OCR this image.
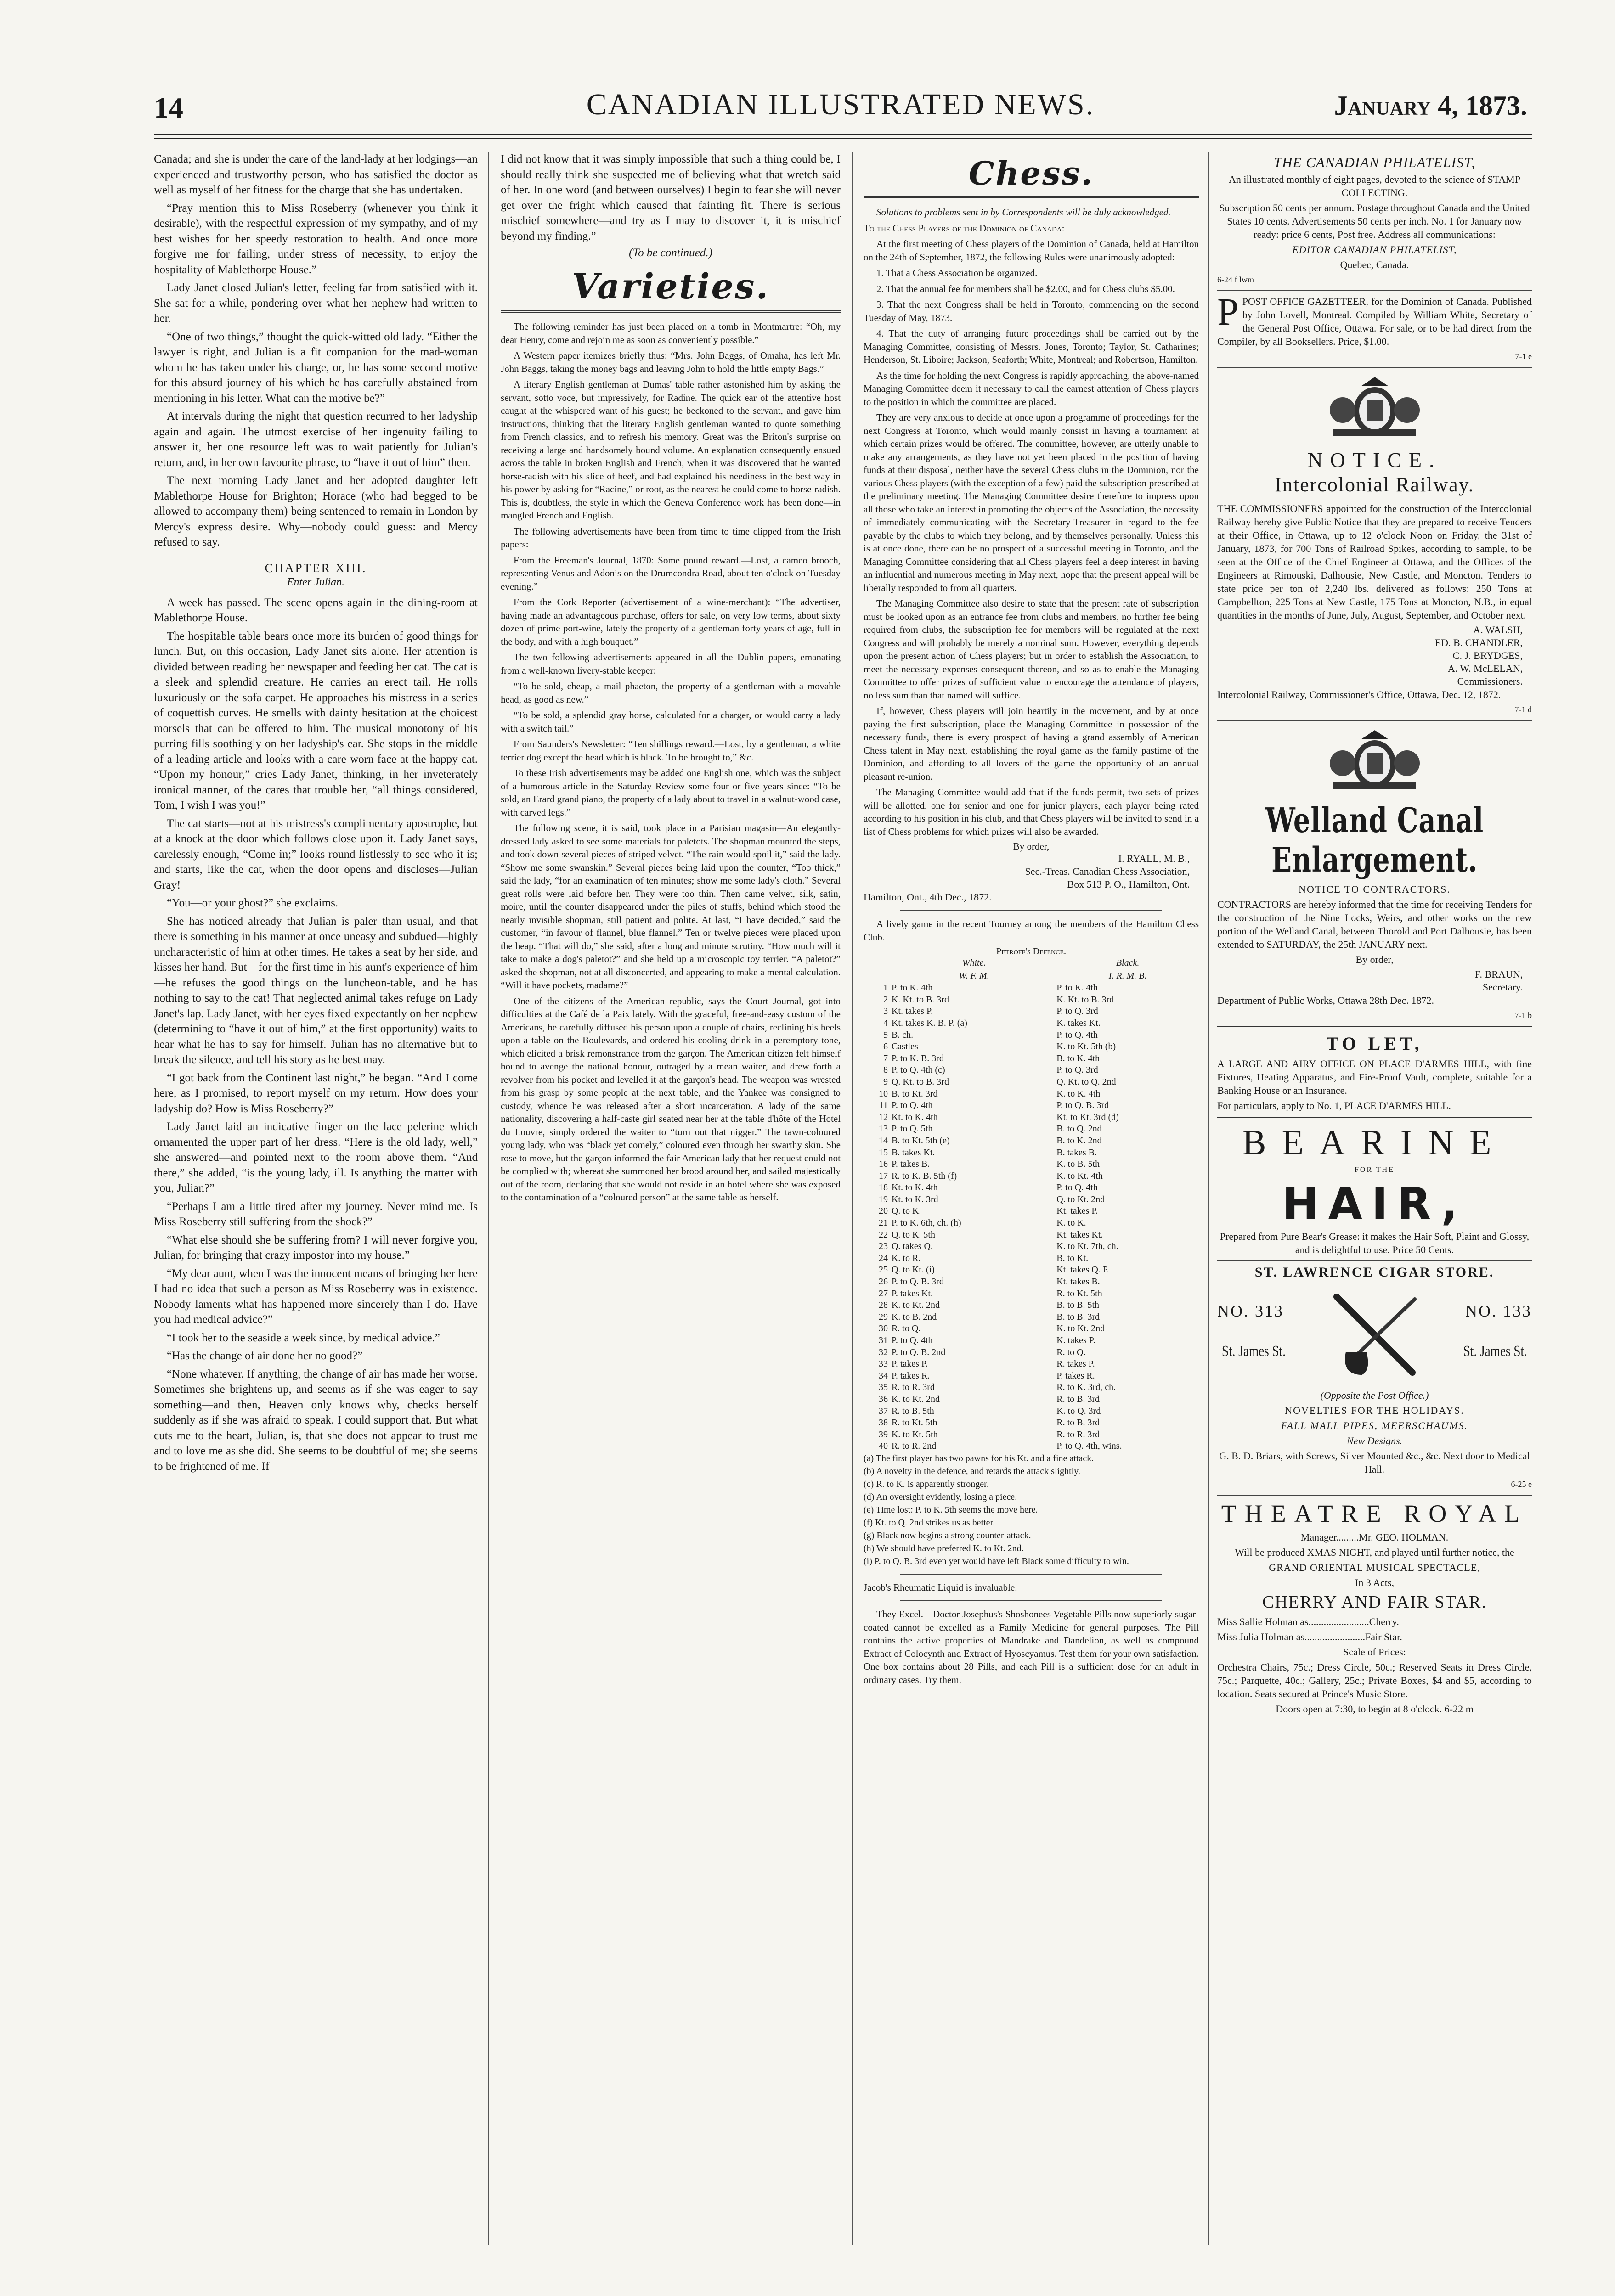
14	CANADIAN ILLUSTRATED NEWS.	January 4, 1873.

Canada; and she is under the care of the land-lady at her lodgings—an experienced and trustworthy person, who has satisfied the doctor as well as myself of her fitness for the charge that she has undertaken.

“Pray mention this to Miss Roseberry (whenever you think it desirable), with the respectful expression of my sympathy, and of my best wishes for her speedy restoration to health. And once more forgive me for failing, under stress of necessity, to enjoy the hospitality of Mablethorpe House.”

Lady Janet closed Julian's letter, feeling far from satisfied with it. She sat for a while, pondering over what her nephew had written to her.

“One of two things,” thought the quick-witted old lady. “Either the lawyer is right, and Julian is a fit companion for the mad-woman whom he has taken under his charge, or, he has some second motive for this absurd journey of his which he has carefully abstained from mentioning in his letter. What can the motive be?”

At intervals during the night that question recurred to her ladyship again and again. The utmost exercise of her ingenuity failing to answer it, her one resource left was to wait patiently for Julian's return, and, in her own favourite phrase, to “have it out of him” then.

The next morning Lady Janet and her adopted daughter left Mablethorpe House for Brighton; Horace (who had begged to be allowed to accompany them) being sentenced to remain in London by Mercy's express desire. Why—nobody could guess: and Mercy refused to say.

CHAPTER XIII.
Enter Julian.

A week has passed. The scene opens again in the dining-room at Mablethorpe House.

The hospitable table bears once more its burden of good things for lunch. But, on this occasion, Lady Janet sits alone. Her attention is divided between reading her newspaper and feeding her cat. The cat is a sleek and splendid creature. He carries an erect tail. He rolls luxuriously on the sofa carpet. He approaches his mistress in a series of coquettish curves. He smells with dainty hesitation at the choicest morsels that can be offered to him. The musical monotony of his purring fills soothingly on her ladyship's ear. She stops in the middle of a leading article and looks with a care-worn face at the happy cat. “Upon my honour,” cries Lady Janet, thinking, in her inveterately ironical manner, of the cares that trouble her, “all things considered, Tom, I wish I was you!”

The cat starts—not at his mistress's complimentary apostrophe, but at a knock at the door which follows close upon it. Lady Janet says, carelessly enough, “Come in;” looks round listlessly to see who it is; and starts, like the cat, when the door opens and discloses—Julian Gray!

“You—or your ghost?” she exclaims.

She has noticed already that Julian is paler than usual, and that there is something in his manner at once uneasy and subdued—highly uncharacteristic of him at other times. He takes a seat by her side, and kisses her hand. But—for the first time in his aunt's experience of him—he refuses the good things on the luncheon-table, and he has nothing to say to the cat! That neglected animal takes refuge on Lady Janet's lap. Lady Janet, with her eyes fixed expectantly on her nephew (determining to “have it out of him,” at the first opportunity) waits to hear what he has to say for himself. Julian has no alternative but to break the silence, and tell his story as he best may.

“I got back from the Continent last night,” he began. “And I come here, as I promised, to report myself on my return. How does your ladyship do? How is Miss Roseberry?”

Lady Janet laid an indicative finger on the lace pelerine which ornamented the upper part of her dress. “Here is the old lady, well,” she answered—and pointed next to the room above them. “And there,” she added, “is the young lady, ill. Is anything the matter with you, Julian?”

“Perhaps I am a little tired after my journey. Never mind me. Is Miss Roseberry still suffering from the shock?”

“What else should she be suffering from? I will never forgive you, Julian, for bringing that crazy impostor into my house.”

“My dear aunt, when I was the innocent means of bringing her here I had no idea that such a person as Miss Roseberry was in existence. Nobody laments what has happened more sincerely than I do. Have you had medical advice?”

“I took her to the seaside a week since, by medical advice.”

“Has the change of air done her no good?”

“None whatever. If anything, the change of air has made her worse. Sometimes she brightens up, and seems as if she was eager to say something—and then, Heaven only knows why, checks herself suddenly as if she was afraid to speak. I could support that. But what cuts me to the heart, Julian, is, that she does not appear to trust me and to love me as she did. She seems to be doubtful of me; she seems to be frightened of me. If

I did not know that it was simply impossible that such a thing could be, I should really think she suspected me of believing what that wretch said of her. In one word (and between ourselves) I begin to fear she will never get over the fright which caused that fainting fit. There is serious mischief somewhere—and try as I may to discover it, it is mischief beyond my finding.”

(To be continued.)
Varieties.

The following reminder has just been placed on a tomb in Montmartre: “Oh, my dear Henry, come and rejoin me as soon as conveniently possible.”

A Western paper itemizes briefly thus: “Mrs. John Baggs, of Omaha, has left Mr. John Baggs, taking the money bags and leaving John to hold the little empty Bags.”

A literary English gentleman at Dumas' table rather astonished him by asking the servant, sotto voce, but impressively, for Radine. The quick ear of the attentive host caught at the whispered want of his guest; he beckoned to the servant, and gave him instructions, thinking that the literary English gentleman wanted to quote something from French classics, and to refresh his memory. Great was the Briton's surprise on receiving a large and handsomely bound volume. An explanation consequently ensued across the table in broken English and French, when it was discovered that he wanted horse-radish with his slice of beef, and had explained his neediness in the best way in his power by asking for “Racine,” or root, as the nearest he could come to horse-radish. This is, doubtless, the style in which the Geneva Conference work has been done—in mangled French and English.

The following advertisements have been from time to time clipped from the Irish papers:

From the Freeman's Journal, 1870: Some pound reward.—Lost, a cameo brooch, representing Venus and Adonis on the Drumcondra Road, about ten o'clock on Tuesday evening.”

From the Cork Reporter (advertisement of a wine-merchant): “The advertiser, having made an advantageous purchase, offers for sale, on very low terms, about sixty dozen of prime port-wine, lately the property of a gentleman forty years of age, full in the body, and with a high bouquet.”

The two following advertisements appeared in all the Dublin papers, emanating from a well-known livery-stable keeper:

“To be sold, cheap, a mail phaeton, the property of a gentleman with a movable head, as good as new.”

“To be sold, a splendid gray horse, calculated for a charger, or would carry a lady with a switch tail.”

From Saunders's Newsletter: “Ten shillings reward.—Lost, by a gentleman, a white terrier dog except the head which is black. To be brought to,” &c.

To these Irish advertisements may be added one English one, which was the subject of a humorous article in the Saturday Review some four or five years since: “To be sold, an Erard grand piano, the property of a lady about to travel in a walnut-wood case, with carved legs.”

The following scene, it is said, took place in a Parisian magasin—An elegantly-dressed lady asked to see some materials for paletots. The shopman mounted the steps, and took down several pieces of striped velvet. “The rain would spoil it,” said the lady. “Show me some swanskin.” Several pieces being laid upon the counter, “Too thick,” said the lady, “for an examination of ten minutes; show me some lady's cloth.” Several great rolls were laid before her. They were too thin. Then came velvet, silk, satin, moire, until the counter disappeared under the piles of stuffs, behind which stood the nearly invisible shopman, still patient and polite. At last, “I have decided,” said the customer, “in favour of flannel, blue flannel.” Ten or twelve pieces were placed upon the heap. “That will do,” she said, after a long and minute scrutiny. “How much will it take to make a dog's paletot?” and she held up a microscopic toy terrier. “A paletot?” asked the shopman, not at all disconcerted, and appearing to make a mental calculation. “Will it have pockets, madame?”

One of the citizens of the American republic, says the Court Journal, got into difficulties at the Café de la Paix lately. With the graceful, free-and-easy custom of the Americans, he carefully diffused his person upon a couple of chairs, reclining his heels upon a table on the Boulevards, and ordered his cooling drink in a peremptory tone, which elicited a brisk remonstrance from the garçon. The American citizen felt himself bound to avenge the national honour, outraged by a mean waiter, and drew forth a revolver from his pocket and levelled it at the garçon's head. The weapon was wrested from his grasp by some people at the next table, and the Yankee was consigned to custody, whence he was released after a short incarceration. A lady of the same nationality, discovering a half-caste girl seated near her at the table d'hôte of the Hotel du Louvre, simply ordered the waiter to “turn out that nigger.” The tawn-coloured young lady, who was “black yet comely,” coloured even through her swarthy skin. She rose to move, but the garçon informed the fair American lady that her request could not be complied with; whereat she summoned her brood around her, and sailed majestically out of the room, declaring that she would not reside in an hotel where she was exposed to the contamination of a “coloured person” at the same table as herself.

Chess.

Solutions to problems sent in by Correspondents will be duly acknowledged.

To the Chess Players of the Dominion of Canada:

At the first meeting of Chess players of the Dominion of Canada, held at Hamilton on the 24th of September, 1872, the following Rules were unanimously adopted:

1. That a Chess Association be organized.

2. That the annual fee for members shall be $2.00, and for Chess clubs $5.00.

3. That the next Congress shall be held in Toronto, commencing on the second Tuesday of May, 1873.

4. That the duty of arranging future proceedings shall be carried out by the Managing Committee, consisting of Messrs. Jones, Toronto; Taylor, St. Catharines; Henderson, St. Liboire; Jackson, Seaforth; White, Montreal; and Robertson, Hamilton.

As the time for holding the next Congress is rapidly approaching, the above-named Managing Committee deem it necessary to call the earnest attention of Chess players to the position in which the committee are placed.

They are very anxious to decide at once upon a programme of proceedings for the next Congress at Toronto, which would mainly consist in having a tournament at which certain prizes would be offered. The committee, however, are utterly unable to make any arrangements, as they have not yet been placed in the position of having funds at their disposal, neither have the several Chess clubs in the Dominion, nor the various Chess players (with the exception of a few) paid the subscription prescribed at the preliminary meeting. The Managing Committee desire therefore to impress upon all those who take an interest in promoting the objects of the Association, the necessity of immediately communicating with the Secretary-Treasurer in regard to the fee payable by the clubs to which they belong, and by themselves personally. Unless this is at once done, there can be no prospect of a successful meeting in Toronto, and the Managing Committee considering that all Chess players feel a deep interest in having an influential and numerous meeting in May next, hope that the present appeal will be liberally responded to from all quarters.

The Managing Committee also desire to state that the present rate of subscription must be looked upon as an entrance fee from clubs and members, no further fee being required from clubs, the subscription fee for members will be regulated at the next Congress and will probably be merely a nominal sum. However, everything depends upon the present action of Chess players; but in order to establish the Association, to meet the necessary expenses consequent thereon, and so as to enable the Managing Committee to offer prizes of sufficient value to encourage the attendance of players, no less sum than that named will suffice.

If, however, Chess players will join heartily in the movement, and by at once paying the first subscription, place the Managing Committee in possession of the necessary funds, there is every prospect of having a grand assembly of American Chess talent in May next, establishing the royal game as the family pastime of the Dominion, and affording to all lovers of the game the opportunity of an annual pleasant re-union.

The Managing Committee would add that if the funds permit, two sets of prizes will be allotted, one for senior and one for junior players, each player being rated according to his position in his club, and that Chess players will be invited to send in a list of Chess problems for which prizes will also be awarded.

By order,
I. RYALL, M. B.,
Sec.-Treas. Canadian Chess Association,
Box 513 P. O., Hamilton, Ont.
Hamilton, Ont., 4th Dec., 1872.

A lively game in the recent Tourney among the members of the Hamilton Chess Club.

Petroff's Defence.
	White.	Black.
	W. F. M.	I. R. M. B.
1	P. to K. 4th	P. to K. 4th
2	K. Kt. to B. 3rd	K. Kt. to B. 3rd
3	Kt. takes P.	P. to Q. 3rd
4	Kt. takes K. B. P. (a)	K. takes Kt.
5	B. ch.	P. to Q. 4th
6	Castles	K. to Kt. 5th (b)
7	P. to K. B. 3rd	B. to K. 4th
8	P. to Q. 4th (c)	P. to Q. 3rd
9	Q. Kt. to B. 3rd	Q. Kt. to Q. 2nd
10	B. to Kt. 3rd	K. to K. 4th
11	P. to Q. 4th	P. to Q. B. 3rd
12	Kt. to K. 4th	Kt. to Kt. 3rd (d)
13	P. to Q. 5th	B. to Q. 2nd
14	B. to Kt. 5th (e)	B. to K. 2nd
15	B. takes Kt.	B. takes B.
16	P. takes B.	K. to B. 5th
17	R. to K. B. 5th (f)	K. to Kt. 4th
18	Kt. to K. 4th	P. to Q. 4th
19	Kt. to K. 3rd	Q. to Kt. 2nd
20	Q. to K.	Kt. takes P.
21	P. to K. 6th, ch. (h)	K. to K.
22	Q. to K. 5th	Kt. takes Kt.
23	Q. takes Q.	K. to Kt. 7th, ch.
24	K. to R.	B. to Kt.
25	Q. to Kt. (i)	Kt. takes Q. P.
26	P. to Q. B. 3rd	Kt. takes B.
27	P. takes Kt.	R. to Kt. 5th
28	K. to Kt. 2nd	B. to B. 5th
29	K. to B. 2nd	B. to B. 3rd
30	R. to Q.	K. to Kt. 2nd
31	P. to Q. 4th	K. takes P.
32	P. to Q. B. 2nd	R. to Q.
33	P. takes P.	R. takes P.
34	P. takes R.	P. takes R.
35	R. to R. 3rd	R. to K. 3rd, ch.
36	K. to Kt. 2nd	R. to B. 3rd
37	R. to B. 5th	K. to Q. 3rd
38	R. to Kt. 5th	R. to B. 3rd
39	K. to Kt. 5th	R. to R. 3rd
40	R. to R. 2nd	P. to Q. 4th, wins.

(a) The first player has two pawns for his Kt. and a fine attack.

(b) A novelty in the defence, and retards the attack slightly.

(c) R. to K. is apparently stronger.

(d) An oversight evidently, losing a piece.

(e) Time lost: P. to K. 5th seems the move here.

(f) Kt. to Q. 2nd strikes us as better.

(g) Black now begins a strong counter-attack.

(h) We should have preferred K. to Kt. 2nd.

(i) P. to Q. B. 3rd even yet would have left Black some difficulty to win.

Jacob's Rheumatic Liquid is invaluable.

They Excel.—Doctor Josephus's Shoshonees Vegetable Pills now superiorly sugar-coated cannot be excelled as a Family Medicine for general purposes. The Pill contains the active properties of Mandrake and Dandelion, as well as compound Extract of Colocynth and Extract of Hyoscyamus. Test them for your own satisfaction. One box contains about 28 Pills, and each Pill is a sufficient dose for an adult in ordinary cases. Try them.

THE CANADIAN PHILATELIST,
An illustrated monthly of eight pages, devoted to the science of STAMP COLLECTING.
Subscription 50 cents per annum. Postage throughout Canada and the United States 10 cents. Advertisements 50 cents per inch. No. 1 for January now ready: price 6 cents, Post free. Address all communications:
EDITOR CANADIAN PHILATELIST,
Quebec, Canada.
6-24 f lwm
PPOST OFFICE GAZETTEER, for the Dominion of Canada. Published by John Lovell, Montreal. Compiled by William White, Secretary of the General Post Office, Ottawa. For sale, or to be had direct from the Compiler, by all Booksellers. Price, $1.00.
7-1 e
NOTICE.
Intercolonial Railway.
THE COMMISSIONERS appointed for the construction of the Intercolonial Railway hereby give Public Notice that they are prepared to receive Tenders at their Office, in Ottawa, up to 12 o'clock Noon on Friday, the 31st of January, 1873, for 700 Tons of Railroad Spikes, according to sample, to be seen at the Office of the Chief Engineer at Ottawa, and the Offices of the Engineers at Rimouski, Dalhousie, New Castle, and Moncton. Tenders to state price per ton of 2,240 lbs. delivered as follows: 250 Tons at Campbellton, 225 Tons at New Castle, 175 Tons at Moncton, N.B., in equal quantities in the months of June, July, August, September, and October next.
A. WALSH,
ED. B. CHANDLER,
C. J. BRYDGES,
A. W. McLELAN,
Commissioners.
Intercolonial Railway, Commissioner's Office, Ottawa, Dec. 12, 1872.
7-1 d
Welland Canal Enlargement.
NOTICE TO CONTRACTORS.
CONTRACTORS are hereby informed that the time for receiving Tenders for the construction of the Nine Locks, Weirs, and other works on the new portion of the Welland Canal, between Thorold and Port Dalhousie, has been extended to SATURDAY, the 25th JANUARY next.
By order,
F. BRAUN,
Secretary.
Department of Public Works, Ottawa 28th Dec. 1872.
7-1 b
TO LET,
A LARGE AND AIRY OFFICE ON PLACE D'ARMES HILL, with fine Fixtures, Heating Apparatus, and Fire-Proof Vault, complete, suitable for a Banking House or an Insurance.
For particulars, apply to No. 1, PLACE D'ARMES HILL.
BEARINE
FOR THE
HAIR,
Prepared from Pure Bear's Grease: it makes the Hair Soft, Plaint and Glossy, and is delightful to use. Price 50 Cents.
ST. LAWRENCE CIGAR STORE.
NO. 313	NO. 133
St. James St.	St. James St.
(Opposite the Post Office.)
NOVELTIES FOR THE HOLIDAYS.
FALL MALL PIPES, MEERSCHAUMS.
New Designs.
G. B. D. Briars, with Screws, Silver Mounted &c., &c. Next door to Medical Hall.
6-25 e
THEATRE ROYAL
Manager.........Mr. GEO. HOLMAN.
Will be produced XMAS NIGHT, and played until further notice, the
GRAND ORIENTAL MUSICAL SPECTACLE,
In 3 Acts,
CHERRY AND FAIR STAR.
Miss Sallie Holman as........................Cherry.
Miss Julia Holman as........................Fair Star.
Scale of Prices:
Orchestra Chairs, 75c.; Dress Circle, 50c.; Reserved Seats in Dress Circle, 75c.; Parquette, 40c.; Gallery, 25c.; Private Boxes, $4 and $5, according to location. Seats secured at Prince's Music Store.
Doors open at 7:30, to begin at 8 o'clock. 6-22 m
